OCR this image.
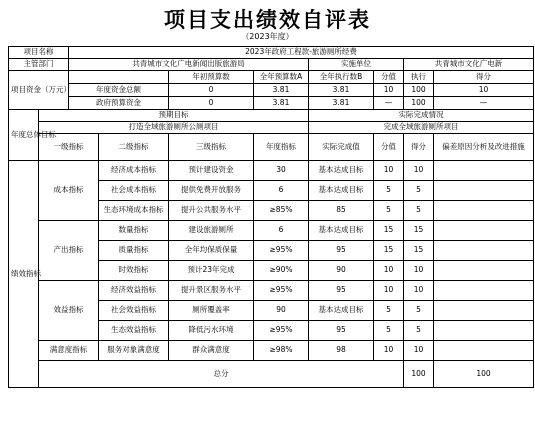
项目支出绩效自评表
（2023年度）
项目名称		2023年政府工程款-旅游厕所经费								
主管部门		共青城市文化广电新闻出版旅游局				实施单位		共青城市文化广电新		
项目资金（万元）				年初预算数	全年预算数A	全年执行数B	分值	执行	得分	
		年度资金总额		0	3.81	3.81	10	100	10	
		政府预算资金		0	3.81	3.81	—	100	—	
年度总体目标	预期目标					实际完成情况				
	打造全域旅游厕所公厕项目					完成全域旅游厕所项目				
	一级指标		二级指标	三级指标	年度指标	实际完成值	分值	得分	偏差原因分析及改进措施	
绩效指标	成本指标		经济成本指标	预计建设资金	30	基本达成目标	10	10		
			社会成本指标	提供免费开放服务	6	基本达成目标	5	5		
			生态环境成本指标	提升公共服务水平	≥85%	85	5	5		
	产出指标		数量指标	建设旅游厕所	6	基本达成目标	15	15		
			质量指标	全年均保质保量	≥95%	95	15	15		
			时效指标	预计23年完成	≥90%	90	10	10		
	效益指标		经济效益指标	提升景区服务水平	≥95%	95	10	10		
			社会效益指标	厕所覆盖率	90	基本达成目标	5	5		
			生态效益指标	降低污水环境	≥95%	95	5	5		
	满意度指标		服务对象满意度	群众满意度	≥98%	98	10	10		
	总分							100	100	
